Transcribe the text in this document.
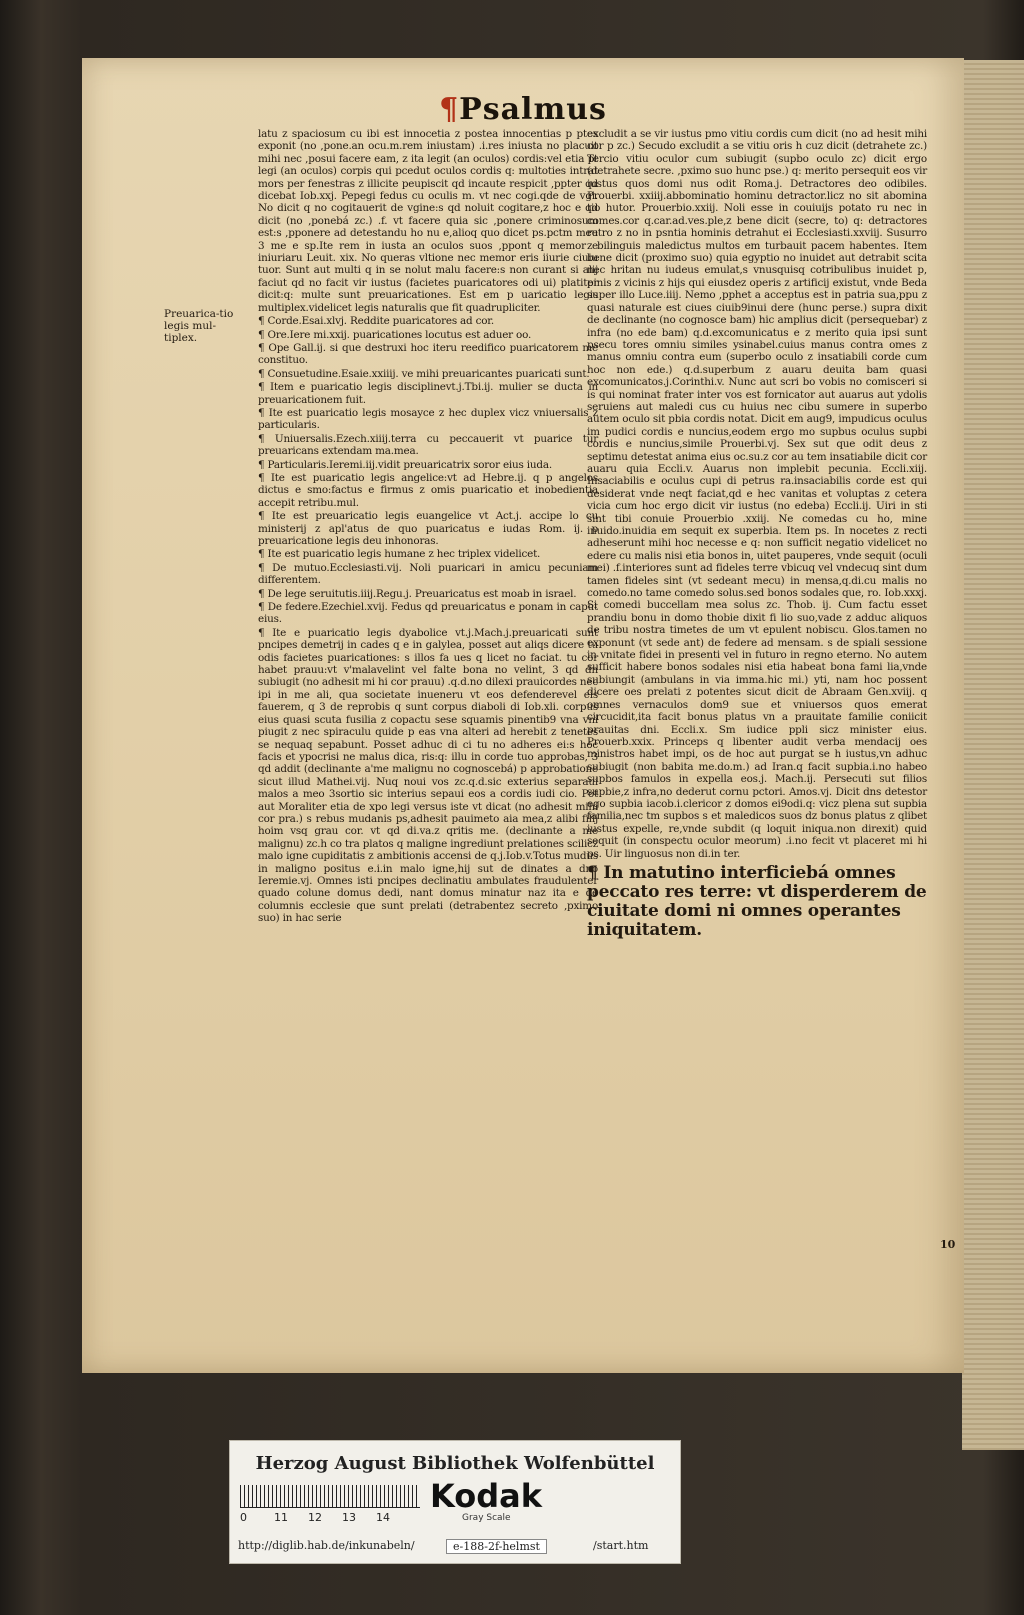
¶Psalmus
Preuarica-tio legis mul-tiplex.

latu z spaciosum cu ibi est innocetia z postea innocentias p ptes exponit (no ,pone.an ocu.m.rem iniustam) .i.res iniusta no placuit mihi nec ,posui facere eam, z ita legit (an oculos) cordis:vel etia pt legi (an oculos) corpis qui pcedut oculos cordis q: multoties intrat mors per fenestras z illicite peupiscit qd incaute respicit ,ppter qd dicebat Iob.xxj. Pepegi fedus cu oculis m. vt nec cogi.qde de vgi. No dicit q no cogitauerit de vgine:s qd noluit cogitare,z hoc e qd dicit (no ,ponebá zc.) .f. vt facere quia sic ,ponere criminosum est:s ,pponere ad detestandu ho nu e,alioq quo dicet ps.pctm meu 3 me e sp.Ite rem in iusta an oculos suos ,ppont q memor e iniuriaru Leuit. xix. No queras vltione nec memor eris iiurie ciuiu tuor. Sunt aut multi q in se nolut malu facere:s non curant si alij faciut qd no facit vir iustus (facietes puaricatores odi ui) platiter dicit:q: multe sunt preuaricationes. Est em p uaricatio legis multiplex.videlicet legis naturalis que fit quadrupliciter.

¶ Corde.Esai.xlvj. Reddite puaricatores ad cor.

¶ Ore.Iere mi.xxij. puaricationes locutus est aduer oo.

¶ Ope Gall.ij. si que destruxi hoc iteru reedifico puaricatorem me constituo.

¶ Consuetudine.Esaie.xxiiij. ve mihi preuaricantes puaricati sunt.

¶ Item e puaricatio legis disciplinevt.j.Tbi.ij. mulier se ducta in preuaricationem fuit.

¶ Ite est puaricatio legis mosayce z hec duplex vicz vniuersalis z particularis.

¶ Uniuersalis.Ezech.xiiij.terra cu peccauerit vt puarice tur preuaricans extendam ma.mea.

¶ Particularis.Ieremi.iij.vidit preuaricatrix soror eius iuda.

¶ Ite est puaricatio legis angelice:vt ad Hebre.ij. q p angelos dictus e smo:factus e firmus z omis puaricatio et inobedientia accepit retribu.mul.

¶ Ite est preuaricatio legis euangelice vt Act.j. accipe lo cu ministerij z apl'atus de quo puaricatus e iudas Rom. ij. p preuaricatione legis deu inhonoras.

¶ Ite est puaricatio legis humane z hec triplex videlicet.

¶ De mutuo.Ecclesiasti.vij. Noli puaricari in amicu pecuniam differentem.

¶ De lege seruitutis.iiij.Regu.j. Preuaricatus est moab in israel.

¶ De federe.Ezechiel.xvij. Fedus qd preuaricatus e ponam in caput eius.

¶ Ite e puaricatio legis dyabolice vt.j.Mach.j.preuaricati sunt pncipes demetrij in cades q e in galylea, posset aut aliqs dicere tu odis facietes puaricationes: s illos fa ues q licet no faciat. tu cor habet prauu:vt v'malavelint vel falte bona no velint, 3 qd dn subiugit (no adhesit mi hi cor prauu) .q.d.no dilexi prauicordes nec ipi in me ali, qua societate inueneru vt eos defenderevel eis fauerem, q 3 de reprobis q sunt corpus diaboli di Iob.xli. corpus eius quasi scuta fusilia z copactu sese squamis pinentib9 vna vni piugit z nec spiraculu quide p eas vna alteri ad herebit z tenetes se nequaq sepabunt. Posset adhuc di ci tu no adheres ei:s hoc facis et ypocrisi ne malus dica, ris:q: illu in corde tuo approbas, 3 qd addit (declinante a'me malignu no cognoscebá) p approbatione sicut illud Mathei.vij. Nuq noui vos zc.q.d.sic exterius separaui malos a meo 3sortio sic interius sepaui eos a cordis iudi cio. Pot aut Moraliter etia de xpo legi versus iste vt dicat (no adhesit mihi cor pra.) s rebus mudanis ps,adhesit pauimeto aia mea,z alibi filij hoim vsq grau cor. vt qd di.va.z qritis me. (declinante a me malignu) zc.h co tra platos q maligne ingrediunt prelationes scilicz malo igne cupiditatis z ambitionis accensi de q.j.Iob.v.Totus mudus in maligno positus e.i.in malo igne,hij sut de dinates a dno Ieremie.vj. Omnes isti pncipes declinatiu ambulates fraudulenter quado colune domus dedi, nant domus minatur naz ita e de columnis ecclesie que sunt prelati (detrabentez secreto ,pximo suo) in hac serie

excludit a se vir iustus pmo vitiu cordis cum dicit (no ad hesit mihi cor p zc.) Secudo excludit a se vitiu oris h cuz dicit (detrahete zc.) Tercio vitiu oculor cum subiugit (supbo oculo zc) dicit ergo (detrahete secre. ,pximo suo hunc pse.) q: merito persequit eos vir iustus quos domi nus odit Roma.j. Detractores deo odibiles. Prouerbi. xxiiij.abbominatio hominu detractor.licz no sit abomina tio hutor. Prouerbio.xxiij. Noli esse in couiuijs potato ru nec in comes.cor q.car.ad.ves.ple,z bene dicit (secre, to) q: detractores retro z no in psntia hominis detrahut ei Ecclesiasti.xxviij. Susurro z bilinguis maledictus multos em turbauit pacem habentes. Item bene dicit (proximo suo) quia egyptio no inuidet aut detrabit scita nec hritan nu iudeus emulat,s vnusquisq cotribulibus inuidet p, pinis z vicinis z hijs qui eiusdez operis z artificij existut, vnde Beda super illo Luce.iiij. Nemo ,pphet a acceptus est in patria sua,ppu z quasi naturale est ciues ciuib9inui dere (hunc perse.) supra dixit de declinante (no cognosce bam) hic amplius dicit (persequebar) z infra (no ede bam) q.d.excomunicatus e z merito quia ipsi sunt psecu tores omniu similes ysinabel.cuius manus contra omes z manus omniu contra eum (superbo oculo z insatiabili corde cum hoc non ede.) q.d.superbum z auaru deuita bam quasi excomunicatos.j.Corinthi.v. Nunc aut scri bo vobis no comisceri si is qui nominat frater inter vos est fornicator aut auarus aut ydolis seruiens aut maledi cus cu huius nec cibu sumere in superbo autem oculo sit pbia cordis notat. Dicit em aug9, impudicus oculus im pudici cordis e nuncius,eodem ergo mo supbus oculus supbi cordis e nuncius,simile Prouerbi.vj. Sex sut que odit deus z septimu detestat anima eius oc.su.z cor au tem insatiabile dicit cor auaru quia Eccli.v. Auarus non implebit pecunia. Eccli.xiij. Insaciabilis e oculus cupi di petrus ra.insaciabilis corde est qui desiderat vnde neqt faciat,qd e hec vanitas et voluptas z cetera vicia cum hoc ergo dicit vir iustus (no edeba) Eccli.ij. Uiri in sti sint tibi conuie Prouerbio .xxiij. Ne comedas cu ho, mine inuido.inuidia em sequit ex superbia. Item ps. In nocetes z recti adheserunt mihi hoc necesse e q: non sufficit negatio videlicet no edere cu malis nisi etia bonos in, uitet pauperes, vnde sequit (oculi mei) .f.interiores sunt ad fideles terre vbicuq vel vndecuq sint dum tamen fideles sint (vt sedeant mecu) in mensa,q.di.cu malis no comedo.no tame comedo solus.sed bonos sodales que, ro. Iob.xxxj. Si comedi buccellam mea solus zc. Thob. ij. Cum factu esset prandiu bonu in domo thobie dixit fi lio suo,vade z adduc aliquos de tribu nostra timetes de um vt epulent nobiscu. Glos.tamen no exponunt (vt sede ant) de federe ad mensam. s de spiali sessione in vnitate fidei in presenti vel in futuro in regno eterno. No autem sufficit habere bonos sodales nisi etia habeat bona fami lia,vnde subiungit (ambulans in via imma.hic mi.) yti, nam hoc possent dicere oes prelati z potentes sicut dicit de Abraam Gen.xviij. q omnes vernaculos dom9 sue et vniuersos quos emerat circucidit,ita facit bonus platus vn a prauitate familie coniicit prauitas dni. Eccli.x. Sm iudice ppli sicz minister eius. Prouerb.xxix. Princeps q libenter audit verba mendacij oes ministros habet impi, os de hoc aut purgat se h iustus,vn adhuc subiugit (non babita me.do.m.) ad Iran.q facit supbia.i.no habeo supbos famulos in expella eos.j. Mach.ij. Persecuti sut filios supbie,z infra,no dederut cornu pctori. Amos.vj. Dicit dns detestor ego supbia iacob.i.clericor z domos ei9odi.q: vicz plena sut supbia familia,nec tm supbos s et maledicos suos dz bonus platus z qlibet iustus expelle, re,vnde subdit (q loquit iniqua.non direxit) quid sequit (in conspectu oculor meorum) .i.no fecit vt placeret mi hi ps. Uir linguosus non di.in ter.

¶ In matutino interficiebá omnes peccato res terre: vt disperderem de ciuitate domi ni omnes operantes iniquitatem.

10
Herzog August Bibliothek Wolfenbüttel
0 11 12 13 14
Kodak
Gray Scale
http://diglib.hab.de/inkunabeln/	e-188-2f-helmst	/start.htm
